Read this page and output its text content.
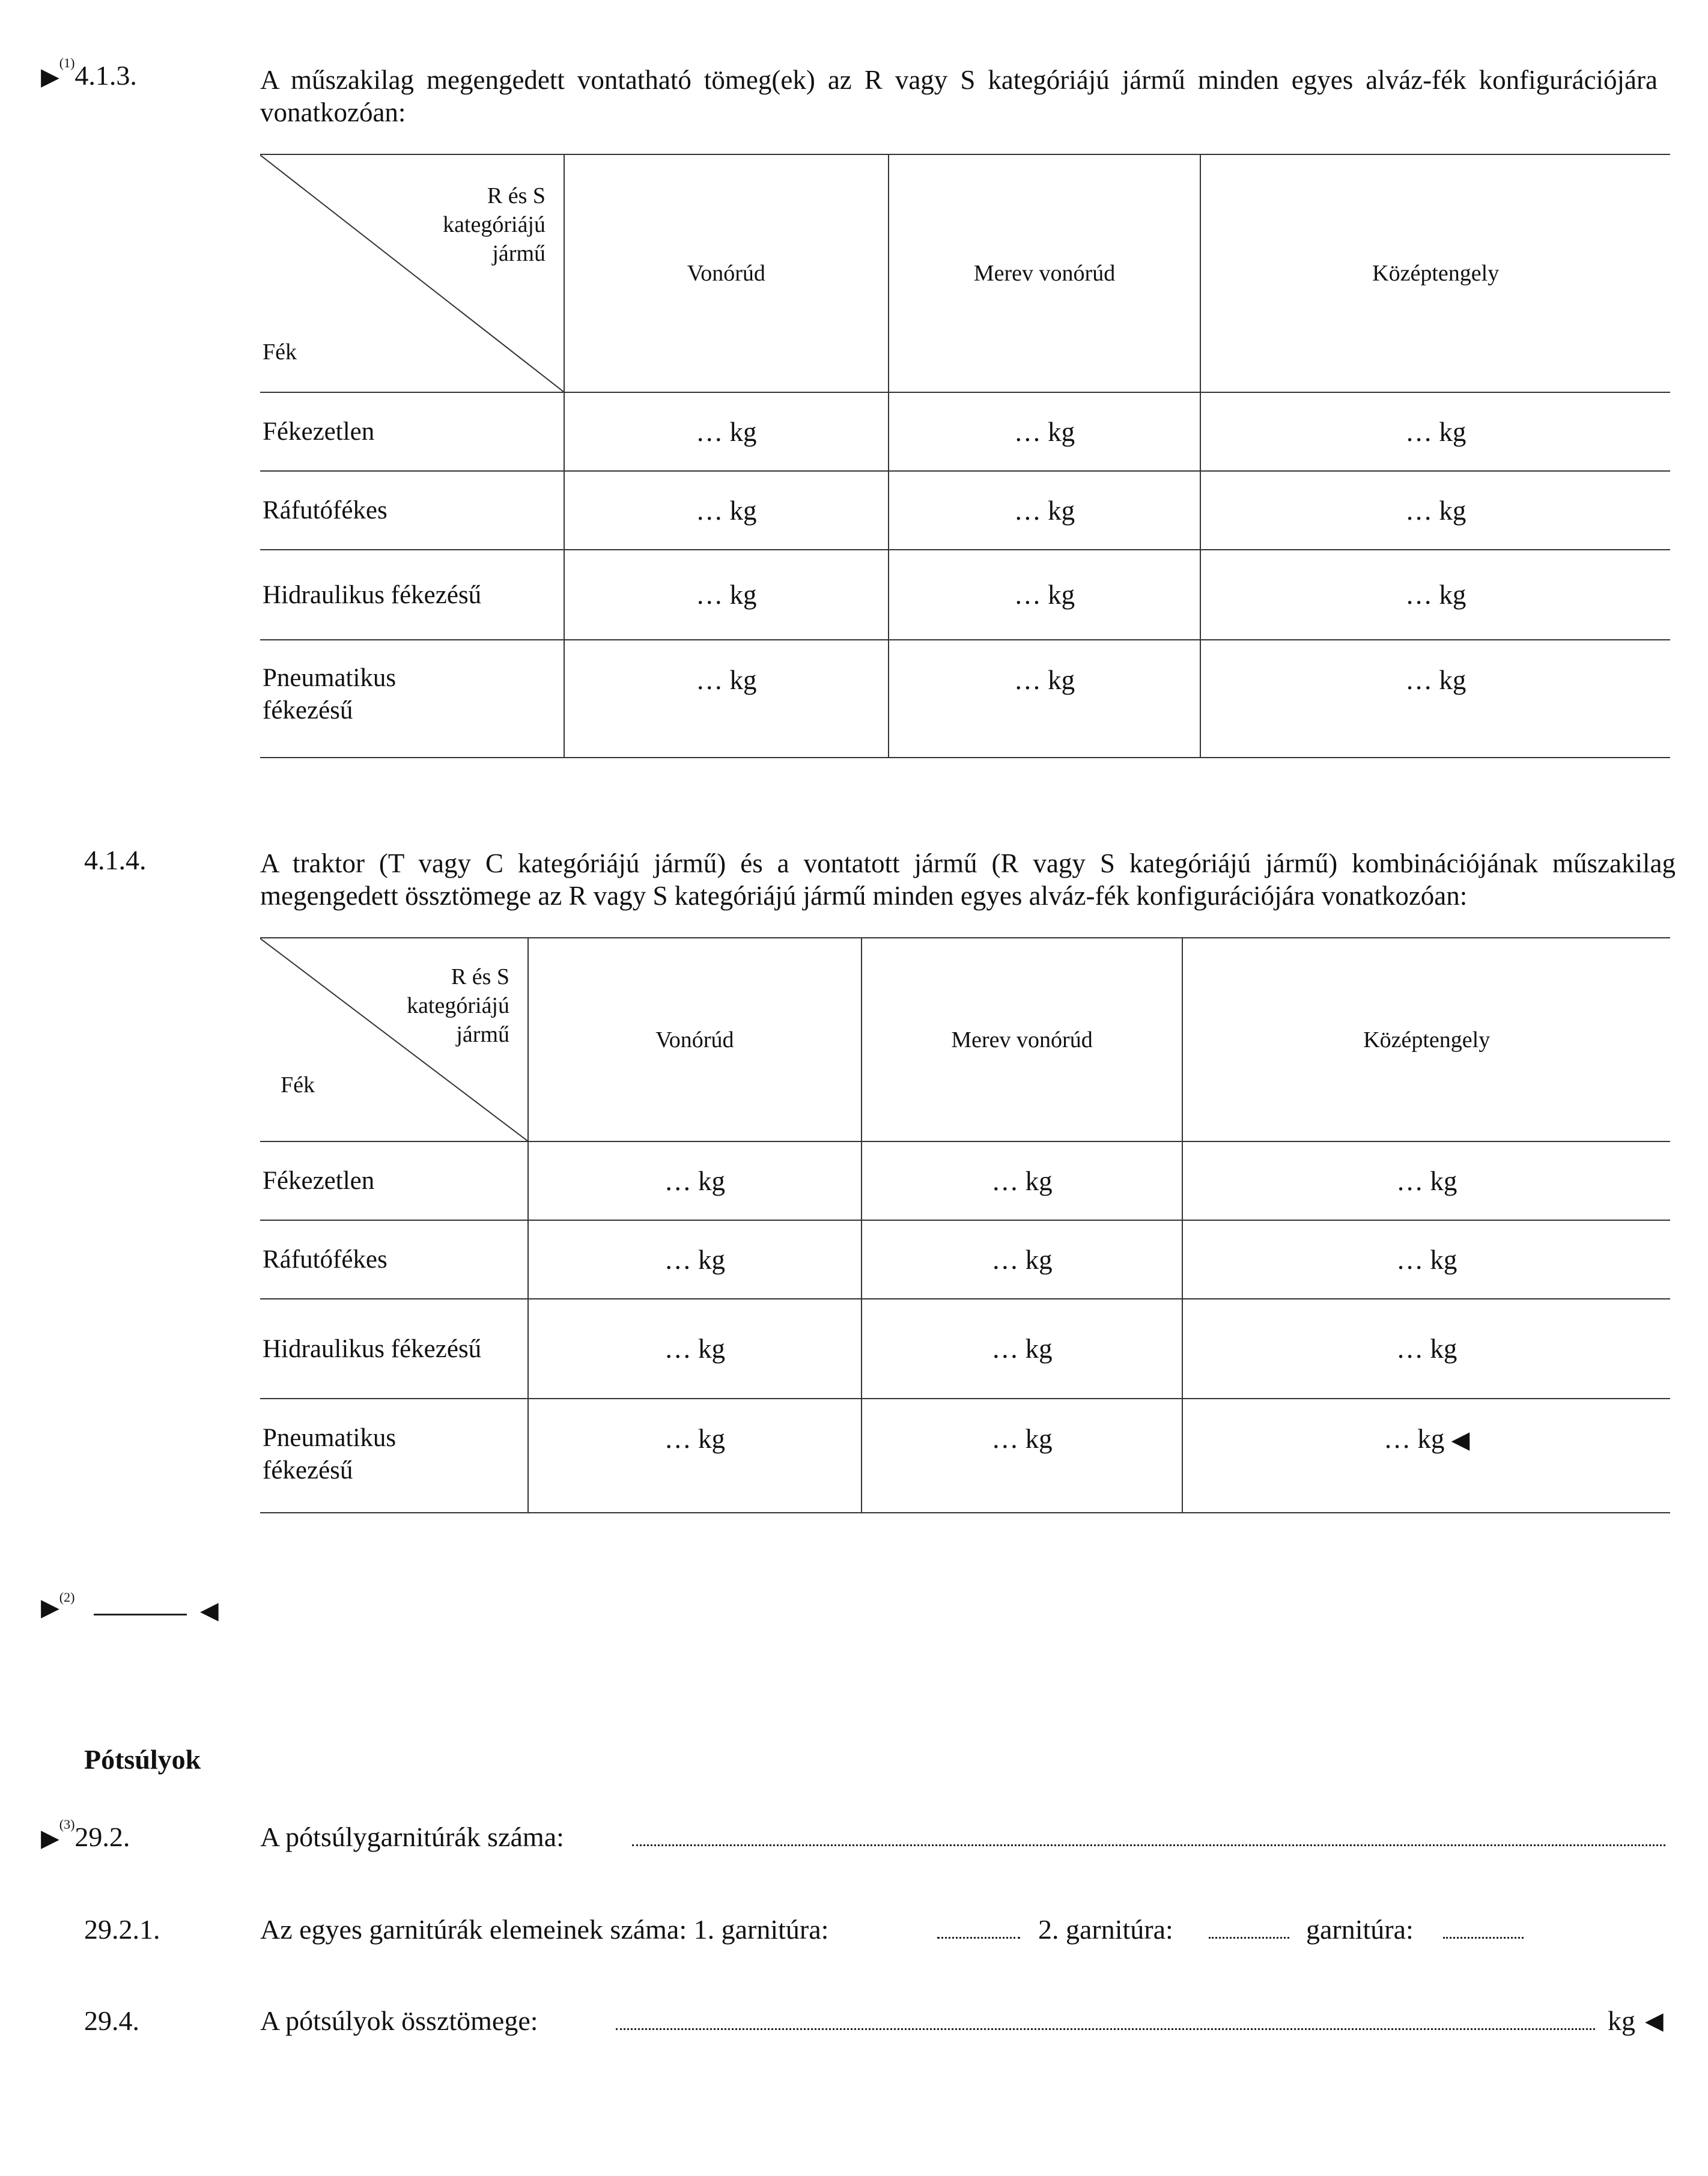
▶ (1)4.1.3.	A műszakilag megengedett vontatható tömeg(ek) az R vagy S kategóriájú jármű minden egyes alváz-fék konfigurációjára
vonatkozóan:
R és S
kategóriájú
jármű
Fék	Vonórúd	Merev vonórúd	Középtengely
Fékezetlen	… kg	… kg	… kg
Ráfutófékes	… kg	… kg	… kg
Hidraulikus fékezésű	… kg	… kg	… kg

Pneumatikus
fékezésű	… kg	… kg	… kg
4.1.4.	A traktor (T vagy C kategóriájú jármű) és a vontatott jármű (R vagy S kategóriájú jármű) kombinációjának műszakilag
megengedett össztömege az R vagy S kategóriájú jármű minden egyes alváz-fék konfigurációjára vonatkozóan:
R és S
kategóriájú
jármű
Fék	Vonórúd	Merev vonórúd	Középtengely
Fékezetlen	… kg	… kg	… kg
Ráfutófékes	… kg	… kg	… kg
Hidraulikus fékezésű	… kg	… kg	… kg

Pneumatikus
fékezésű	… kg	… kg	… kg ◀
▶ (2)
◀
Pótsúlyok
▶ (3)29.2.	A pótsúlygarnitúrák száma:
29.2.1.	Az egyes garnitúrák elemeinek száma: 1. garnitúra:	2. garnitúra:	garnitúra:
29.4.	A pótsúlyok össztömege:	kg
◀
